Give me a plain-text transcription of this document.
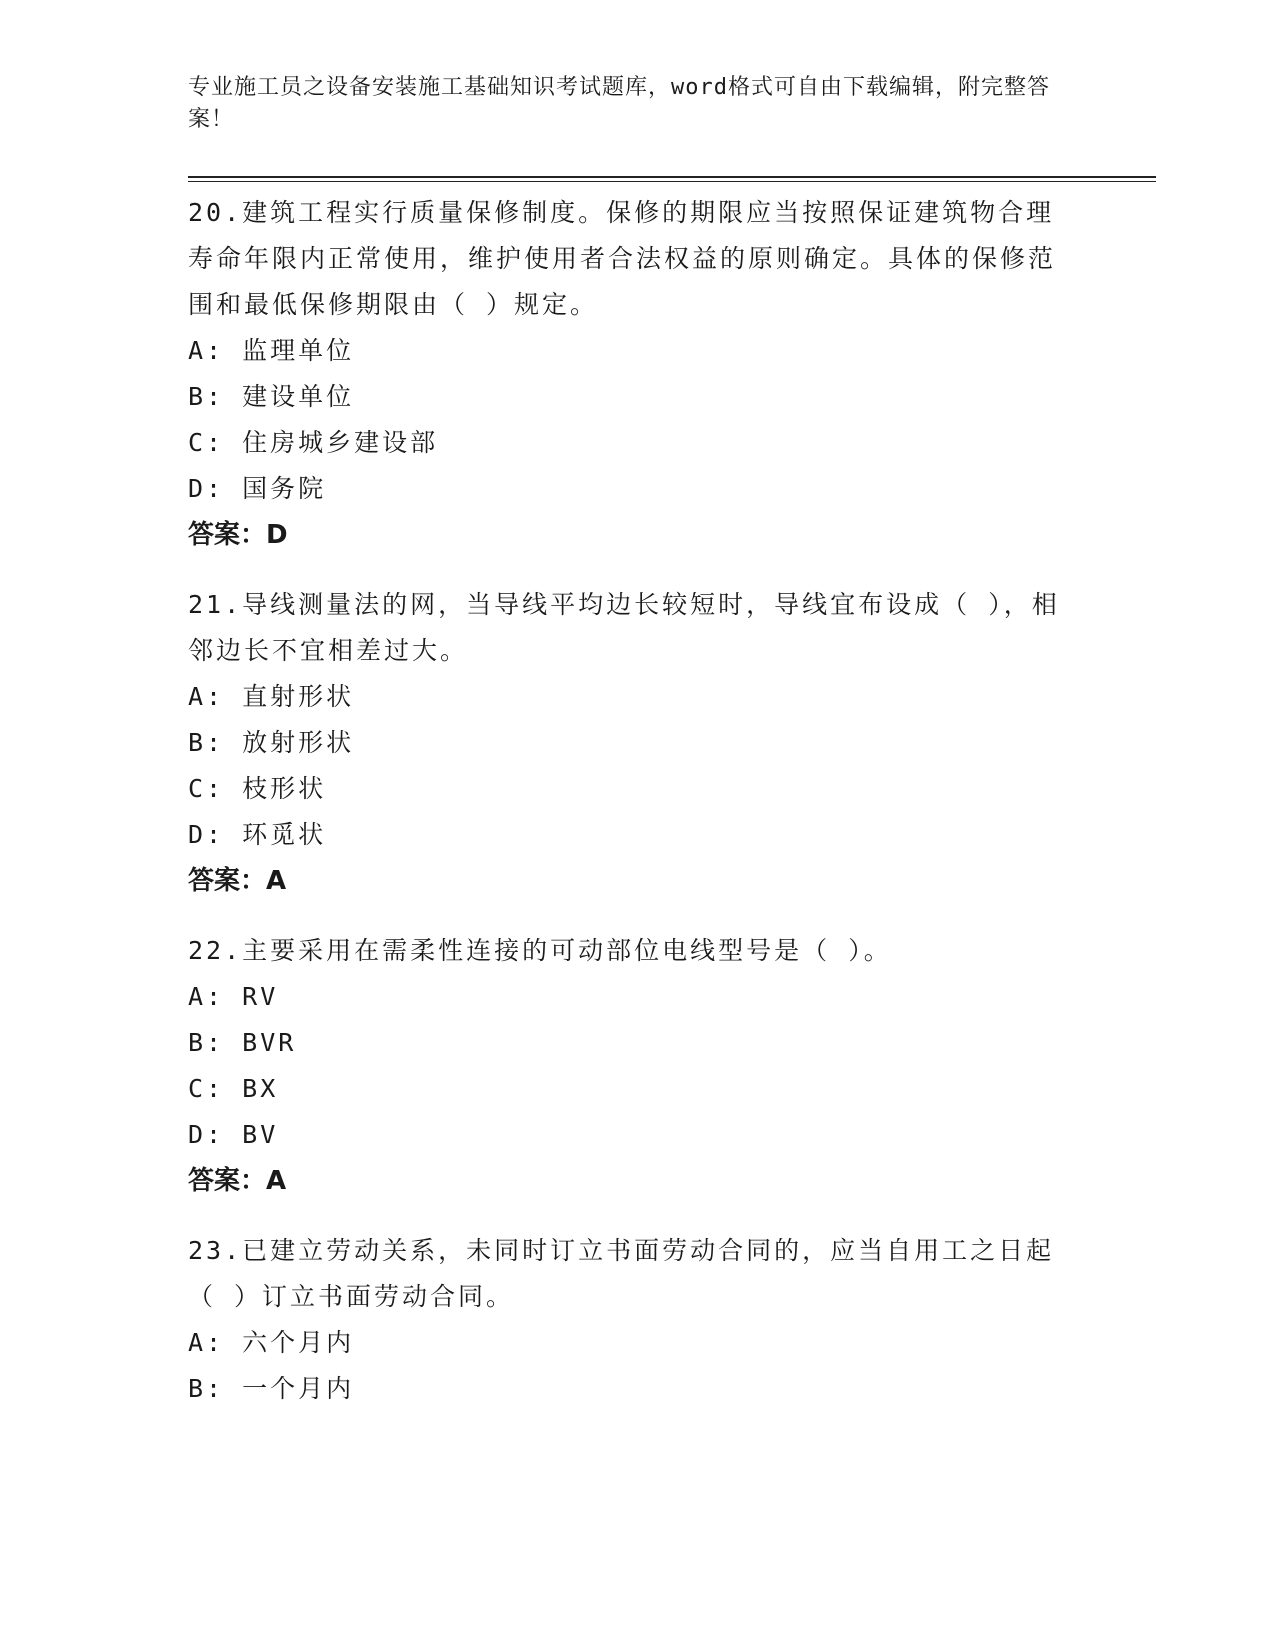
专业施工员之设备安装施工基础知识考试题库，word格式可自由下载编辑，附完整答案！

20.建筑工程实行质量保修制度。保修的期限应当按照保证建筑物合理寿命年限内正常使用，维护使用者合法权益的原则确定。具体的保修范围和最低保修期限由（ ）规定。

A: 监理单位

B: 建设单位

C: 住房城乡建设部

D: 国务院

答案：D

21.导线测量法的网，当导线平均边长较短时，导线宜布设成（ ），相邻边长不宜相差过大。

A: 直射形状

B: 放射形状

C: 枝形状

D: 环觅状

答案：A

22.主要采用在需柔性连接的可动部位电线型号是（ ）。

A: RV

B: BVR

C: BX

D: BV

答案：A

23.已建立劳动关系，未同时订立书面劳动合同的，应当自用工之日起（ ）订立书面劳动合同。

A: 六个月内

B: 一个月内
